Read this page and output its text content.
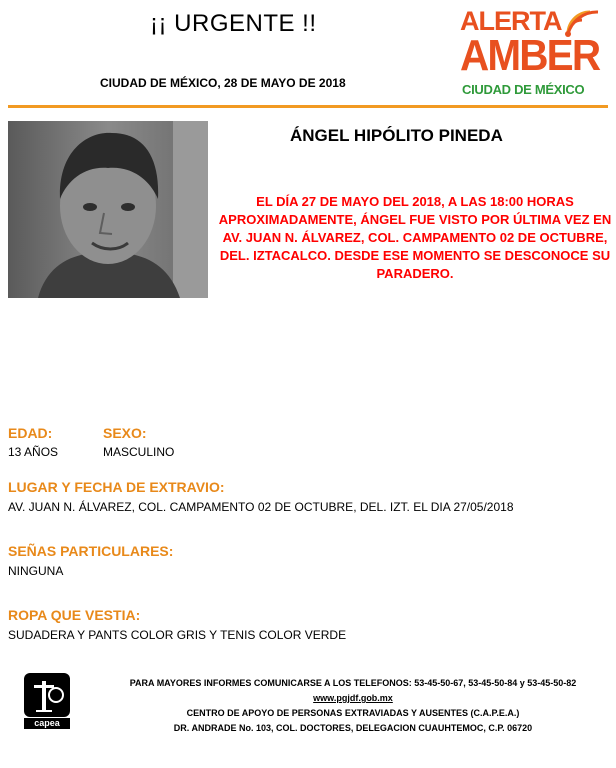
¡¡ URGENTE !!
CIUDAD DE MÉXICO, 28 DE MAYO DE 2018
ALERTA
AMBER
CIUDAD DE MÉXICO
ÁNGEL HIPÓLITO PINEDA
EL DÍA 27 DE MAYO DEL 2018, A LAS 18:00 HORAS APROXIMADAMENTE, ÁNGEL FUE VISTO POR ÚLTIMA VEZ EN AV. JUAN N. ÁLVAREZ, COL. CAMPAMENTO 02 DE OCTUBRE, DEL. IZTACALCO. DESDE ESE MOMENTO SE DESCONOCE SU PARADERO.
EDAD:
13 AÑOS
SEXO:
MASCULINO
LUGAR Y FECHA DE EXTRAVIO:
AV. JUAN N. ÁLVAREZ, COL. CAMPAMENTO 02 DE OCTUBRE, DEL. IZT. EL DIA 27/05/2018
SEÑAS PARTICULARES:
NINGUNA
ROPA QUE VESTIA:
SUDADERA Y PANTS COLOR GRIS Y TENIS COLOR VERDE
capea
PARA MAYORES INFORMES COMUNICARSE A LOS TELEFONOS: 53-45-50-67, 53-45-50-84 y 53-45-50-82
www.pgjdf.gob.mx
CENTRO DE APOYO DE PERSONAS EXTRAVIADAS Y AUSENTES (C.A.P.E.A.)
DR. ANDRADE No. 103, COL. DOCTORES, DELEGACION CUAUHTEMOC, C.P. 06720
